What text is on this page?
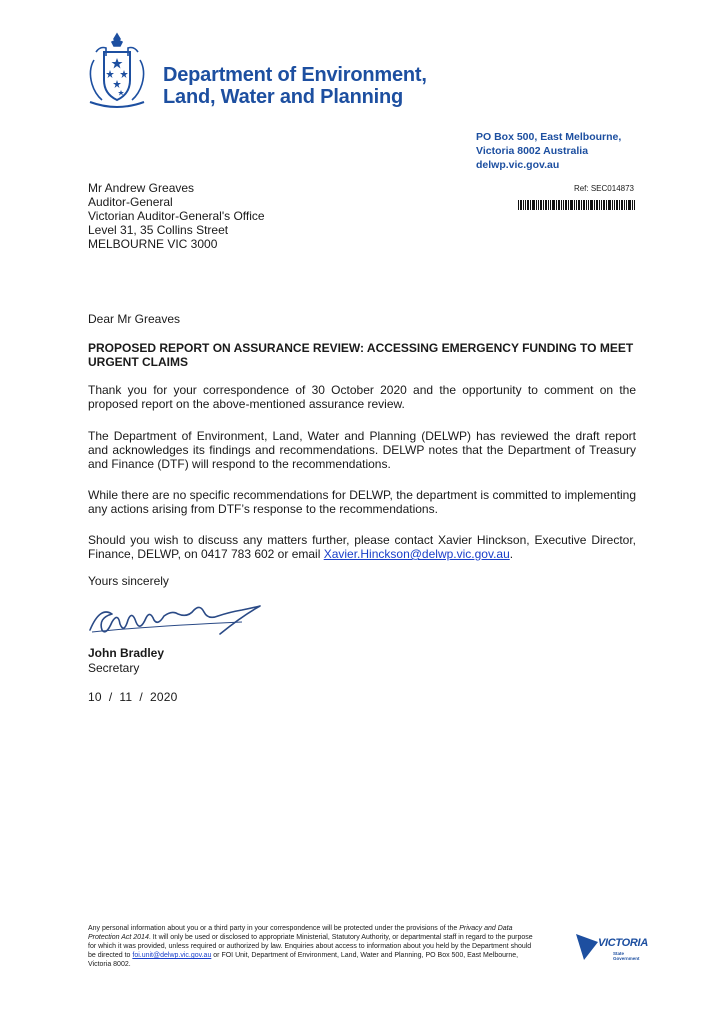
Department of Environment,
Land, Water and Planning
PO Box 500, East Melbourne,
Victoria 8002 Australia
delwp.vic.gov.au
Mr Andrew Greaves
Auditor-General
Victorian Auditor-General's Office
Level 31, 35 Collins Street
MELBOURNE VIC 3000
Ref: SEC014873
Dear Mr Greaves
PROPOSED REPORT ON ASSURANCE REVIEW: ACCESSING EMERGENCY FUNDING TO MEET URGENT CLAIMS

Thank you for your correspondence of 30 October 2020 and the opportunity to comment on the proposed report on the above-mentioned assurance review.

The Department of Environment, Land, Water and Planning (DELWP) has reviewed the draft report and acknowledges its findings and recommendations. DELWP notes that the Department of Treasury and Finance (DTF) will respond to the recommendations.

While there are no specific recommendations for DELWP, the department is committed to implementing any actions arising from DTF’s response to the recommendations.

Should you wish to discuss any matters further, please contact Xavier Hinckson, Executive Director, Finance, DELWP, on 0417 783 602 or email Xavier.Hinckson@delwp.vic.gov.au.

Yours sincerely
John Bradley
Secretary
10  /  11  /  2020
Any personal information about you or a third party in your correspondence will be protected under the provisions of the Privacy and Data Protection Act 2014. It will only be used or disclosed to appropriate Ministerial, Statutory Authority, or departmental staff in regard to the purpose for which it was provided, unless required or authorized by law. Enquiries about access to information about you held by the Department should be directed to foi.unit@delwp.vic.gov.au or FOI Unit, Department of Environment, Land, Water and Planning, PO Box 500, East Melbourne, Victoria 8002.
VICTORIA
State
Government
